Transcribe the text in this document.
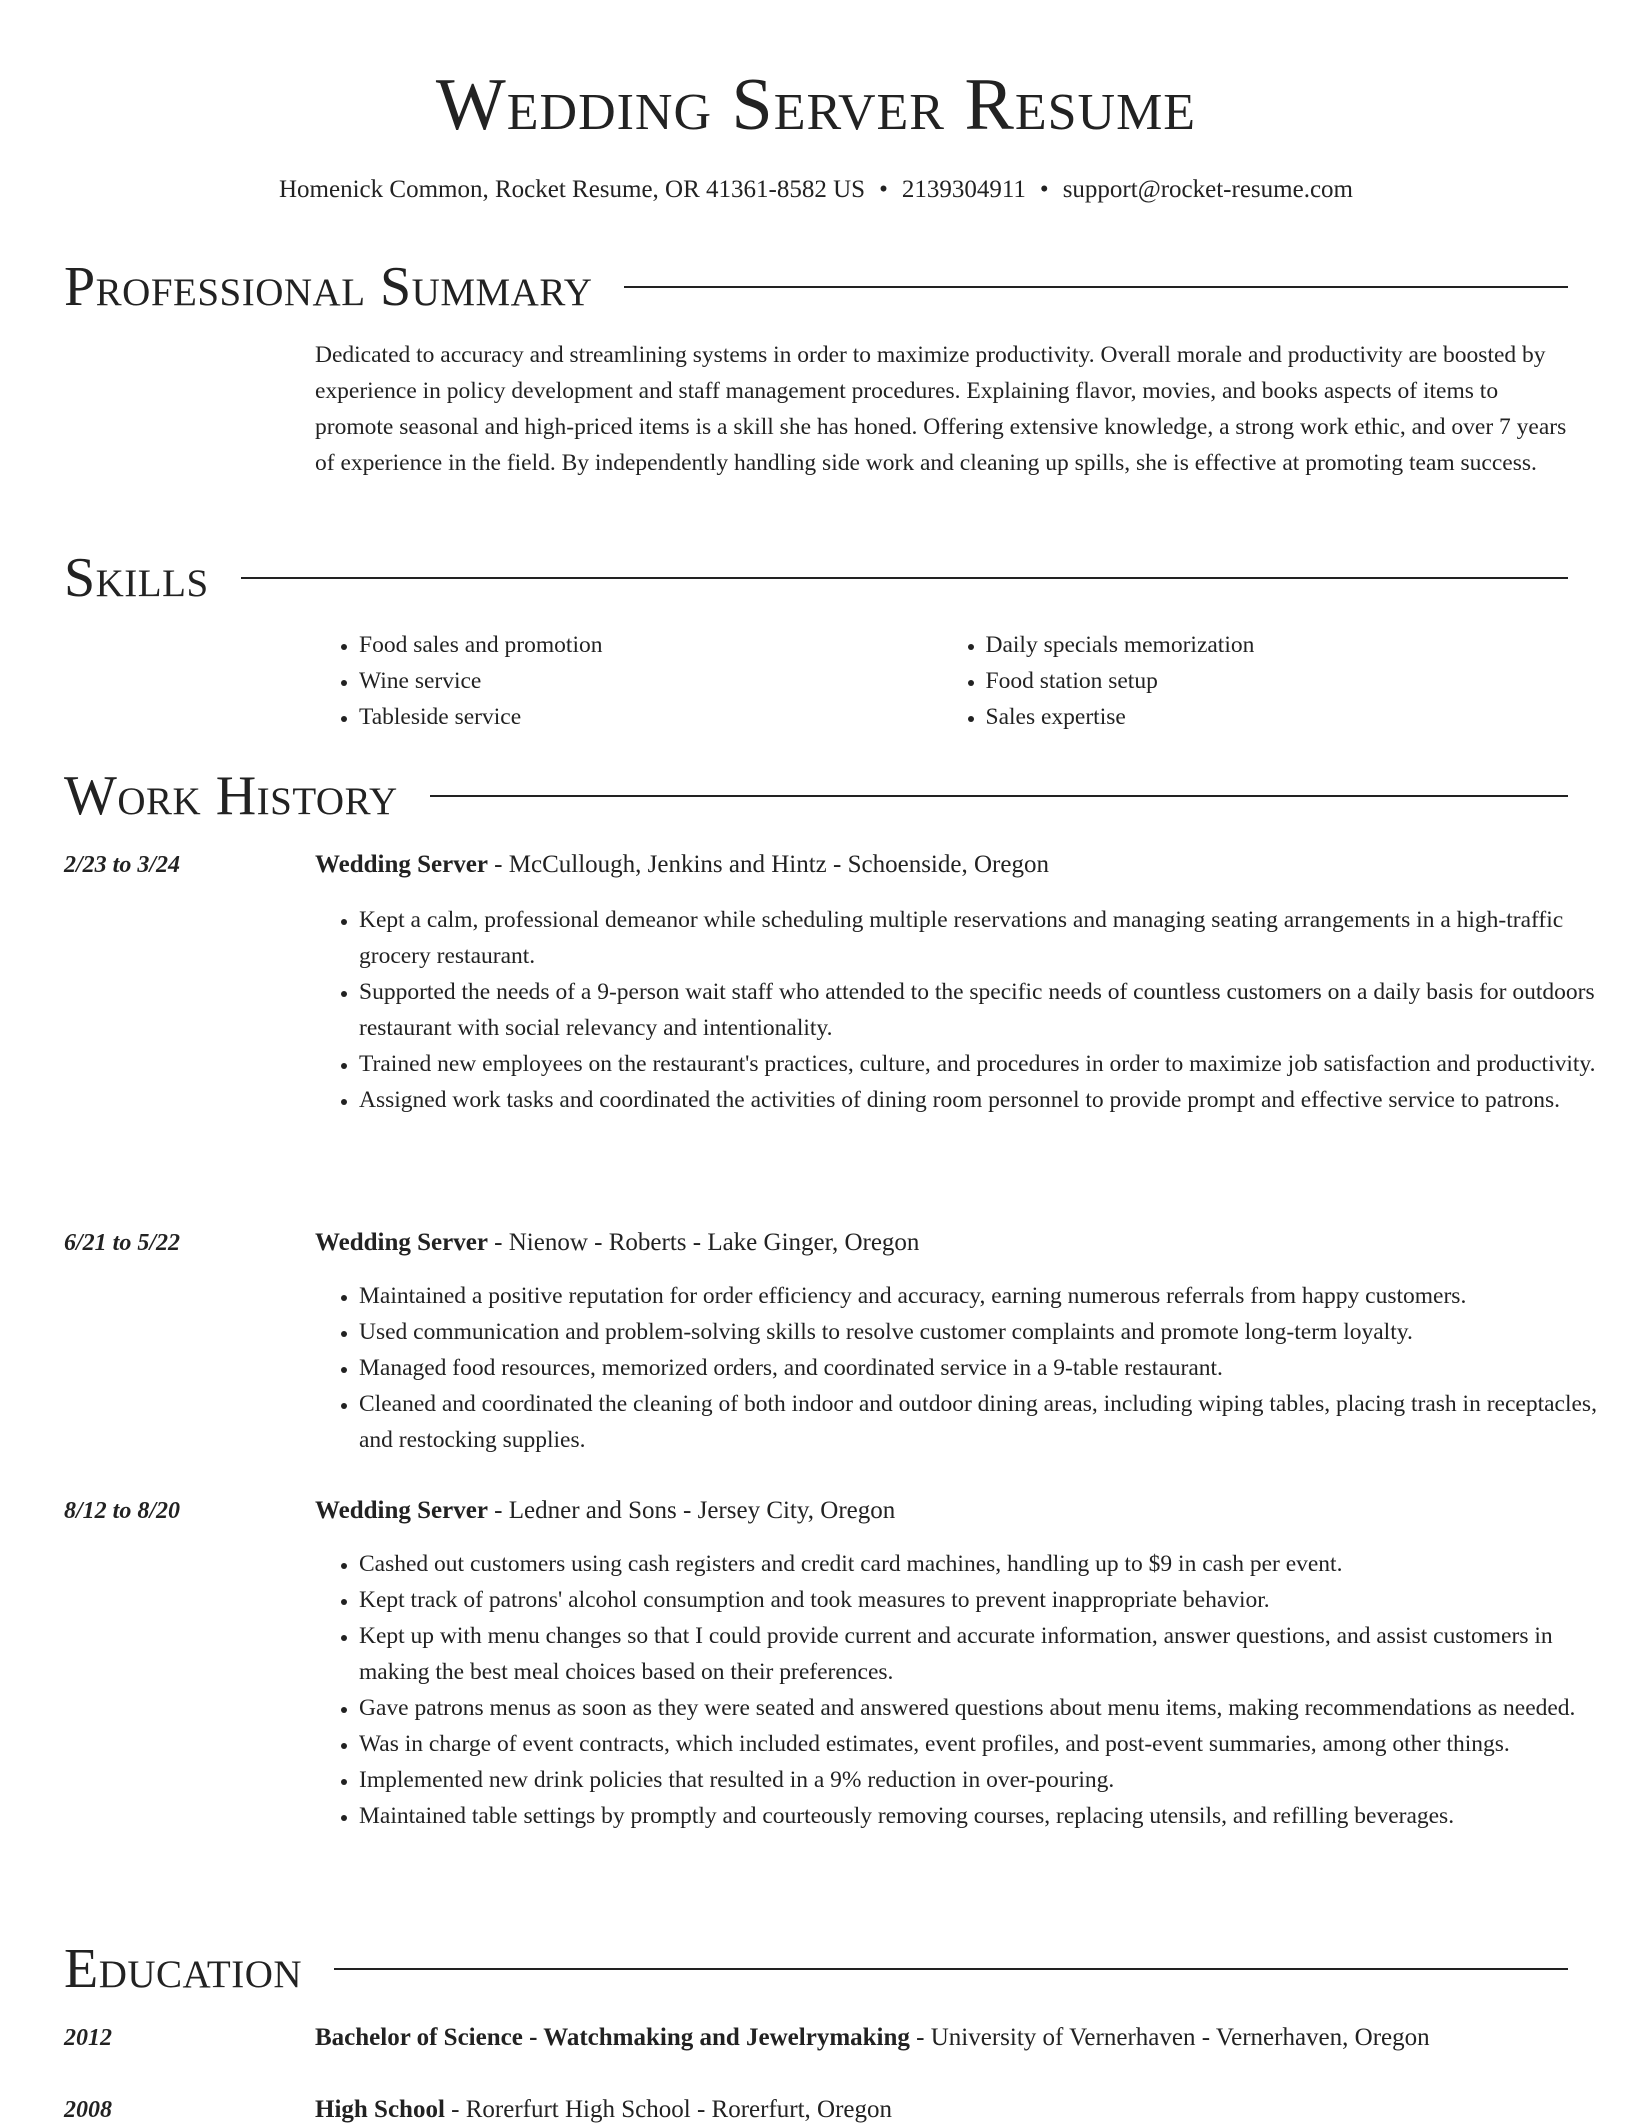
Wedding Server Resume
Homenick Common, Rocket Resume, OR 41361-8582 US • 2139304911 • support@rocket-resume.com
Professional Summary

Dedicated to accuracy and streamlining systems in order to maximize productivity. Overall morale and productivity are boosted by experience in policy development and staff management procedures. Explaining flavor, movies, and books aspects of items to promote seasonal and high-priced items is a skill she has honed. Offering extensive knowledge, a strong work ethic, and over 7 years of experience in the field. By independently handling side work and cleaning up spills, she is effective at promoting team success.

Skills
• Food sales and promotion
• Wine service
• Tableside service
• Daily specials memorization
• Food station setup
• Sales expertise
Work History
2/23 to 3/24	Wedding Server - McCullough, Jenkins and Hintz - Schoenside, Oregon
• Kept a calm, professional demeanor while scheduling multiple reservations and managing seating arrangements in a high-traffic grocery restaurant.
• Supported the needs of a 9-person wait staff who attended to the specific needs of countless customers on a daily basis for outdoors restaurant with social relevancy and intentionality.
• Trained new employees on the restaurant's practices, culture, and procedures in order to maximize job satisfaction and productivity.
• Assigned work tasks and coordinated the activities of dining room personnel to provide prompt and effective service to patrons.
6/21 to 5/22	Wedding Server - Nienow - Roberts - Lake Ginger, Oregon
• Maintained a positive reputation for order efficiency and accuracy, earning numerous referrals from happy customers.
• Used communication and problem-solving skills to resolve customer complaints and promote long-term loyalty.
• Managed food resources, memorized orders, and coordinated service in a 9-table restaurant.
• Cleaned and coordinated the cleaning of both indoor and outdoor dining areas, including wiping tables, placing trash in receptacles, and restocking supplies.
8/12 to 8/20	Wedding Server - Ledner and Sons - Jersey City, Oregon
• Cashed out customers using cash registers and credit card machines, handling up to $9 in cash per event.
• Kept track of patrons' alcohol consumption and took measures to prevent inappropriate behavior.
• Kept up with menu changes so that I could provide current and accurate information, answer questions, and assist customers in making the best meal choices based on their preferences.
• Gave patrons menus as soon as they were seated and answered questions about menu items, making recommendations as needed.
• Was in charge of event contracts, which included estimates, event profiles, and post-event summaries, among other things.
• Implemented new drink policies that resulted in a 9% reduction in over-pouring.
• Maintained table settings by promptly and courteously removing courses, replacing utensils, and refilling beverages.
Education
2012	Bachelor of Science - Watchmaking and Jewelrymaking - University of Vernerhaven - Vernerhaven, Oregon
2008	High School - Rorerfurt High School - Rorerfurt, Oregon
